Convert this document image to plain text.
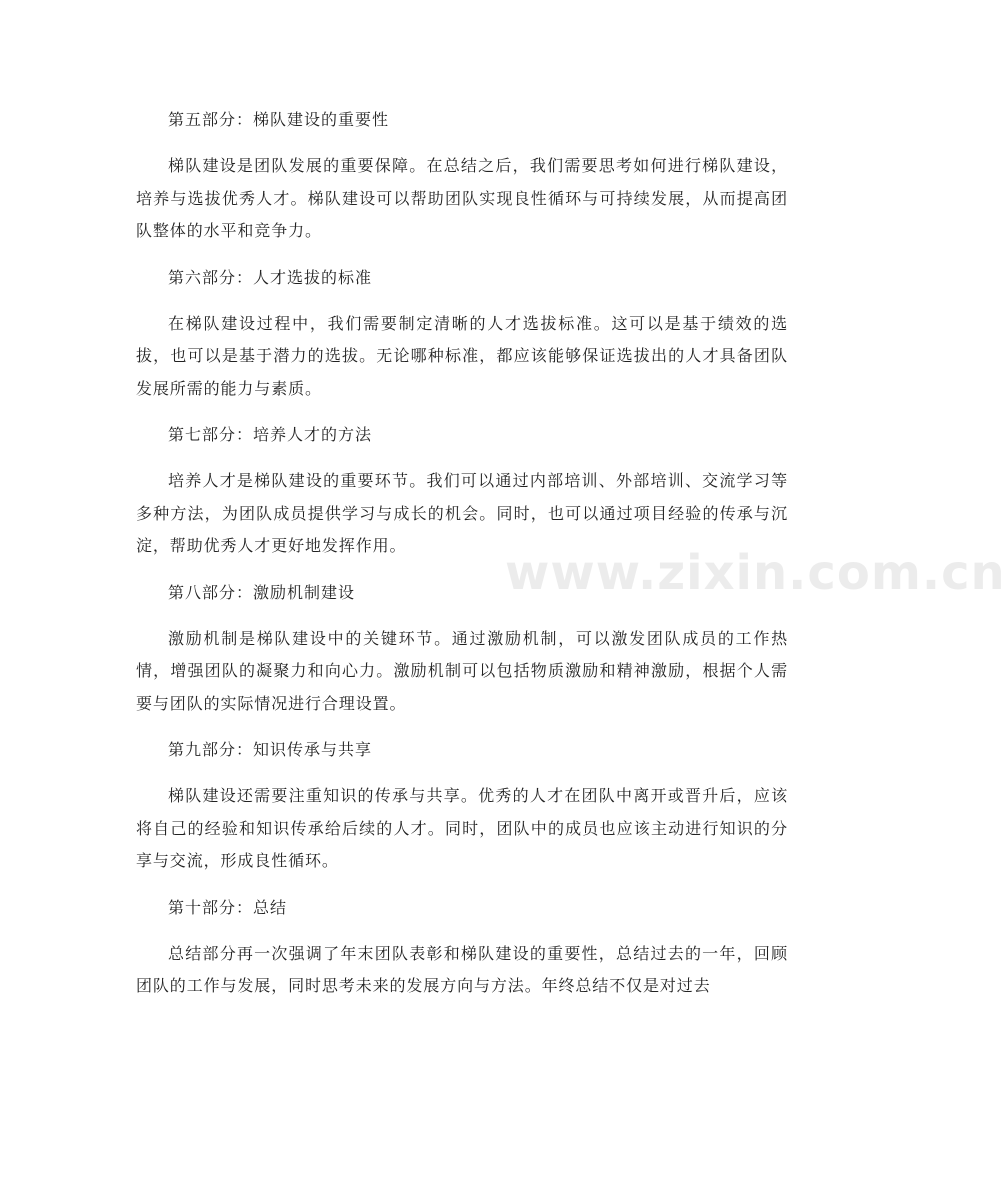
第五部分：梯队建设的重要性

梯队建设是团队发展的重要保障。在总结之后，我们需要思考如何进行梯队建设，培养与选拔优秀人才。梯队建设可以帮助团队实现良性循环与可持续发展，从而提高团队整体的水平和竞争力。

第六部分：人才选拔的标准

在梯队建设过程中，我们需要制定清晰的人才选拔标准。这可以是基于绩效的选拔，也可以是基于潜力的选拔。无论哪种标准，都应该能够保证选拔出的人才具备团队发展所需的能力与素质。

第七部分：培养人才的方法

培养人才是梯队建设的重要环节。我们可以通过内部培训、外部培训、交流学习等多种方法，为团队成员提供学习与成长的机会。同时，也可以通过项目经验的传承与沉淀，帮助优秀人才更好地发挥作用。

第八部分：激励机制建设

激励机制是梯队建设中的关键环节。通过激励机制，可以激发团队成员的工作热情，增强团队的凝聚力和向心力。激励机制可以包括物质激励和精神激励，根据个人需要与团队的实际情况进行合理设置。

第九部分：知识传承与共享

梯队建设还需要注重知识的传承与共享。优秀的人才在团队中离开或晋升后，应该将自己的经验和知识传承给后续的人才。同时，团队中的成员也应该主动进行知识的分享与交流，形成良性循环。

第十部分：总结

总结部分再一次强调了年末团队表彰和梯队建设的重要性，总结过去的一年，回顾团队的工作与发展，同时思考未来的发展方向与方法。年终总结不仅是对过去

www.zixin.com.cn
